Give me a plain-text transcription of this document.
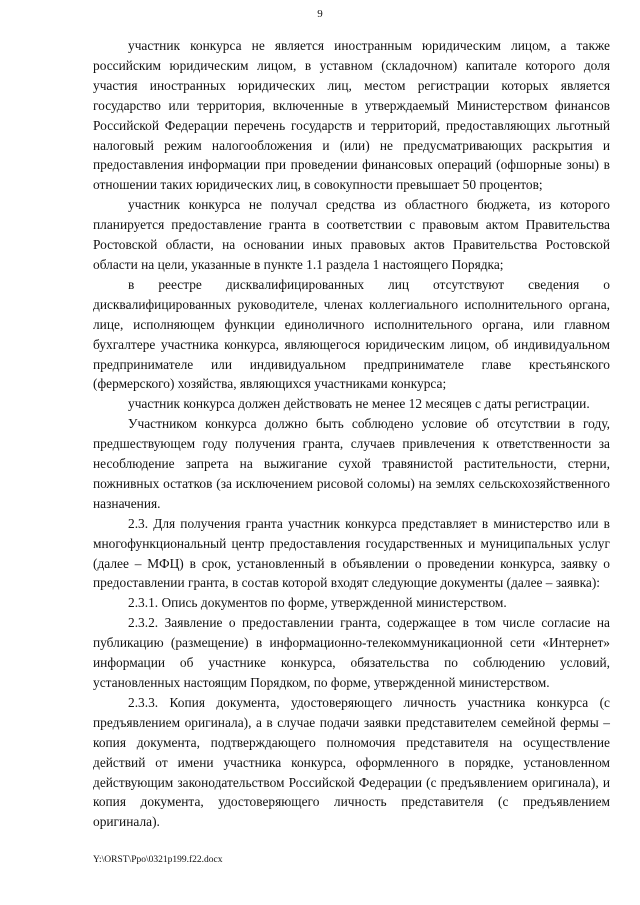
9

участник конкурса не является иностранным юридическим лицом, а также российским юридическим лицом, в уставном (складочном) капитале которого доля участия иностранных юридических лиц, местом регистрации которых является государство или территория, включенные в утверждаемый Министерством финансов Российской Федерации перечень государств и территорий, предоставляющих льготный налоговый режим налогообложения и (или) не предусматривающих раскрытия и предоставления информации при проведении финансовых операций (офшорные зоны) в отношении таких юридических лиц, в совокупности превышает 50 процентов;

участник конкурса не получал средства из областного бюджета, из которого планируется предоставление гранта в соответствии с правовым актом Правительства Ростовской области, на основании иных правовых актов Правительства Ростовской области на цели, указанные в пункте 1.1 раздела 1 настоящего Порядка;

в реестре дисквалифицированных лиц отсутствуют сведения о дисквалифицированных руководителе, членах коллегиального исполнительного органа, лице, исполняющем функции единоличного исполнительного органа, или главном бухгалтере участника конкурса, являющегося юридическим лицом, об индивидуальном предпринимателе или индивидуальном предпринимателе главе крестьянского (фермерского) хозяйства, являющихся участниками конкурса;

участник конкурса должен действовать не менее 12 месяцев с даты регистрации.

Участником конкурса должно быть соблюдено условие об отсутствии в году, предшествующем году получения гранта, случаев привлечения к ответственности за несоблюдение запрета на выжигание сухой травянистой растительности, стерни, пожнивных остатков (за исключением рисовой соломы) на землях сельскохозяйственного назначения.

2.3. Для получения гранта участник конкурса представляет в министерство или в многофункциональный центр предоставления государственных и муниципальных услуг (далее – МФЦ) в срок, установленный в объявлении о проведении конкурса, заявку о предоставлении гранта, в состав которой входят следующие документы (далее – заявка):

2.3.1. Опись документов по форме, утвержденной министерством.

2.3.2. Заявление о предоставлении гранта, содержащее в том числе согласие на публикацию (размещение) в информационно-телекоммуникационной сети «Интернет» информации об участнике конкурса, обязательства по соблюдению условий, установленных настоящим Порядком, по форме, утвержденной министерством.

2.3.3. Копия документа, удостоверяющего личность участника конкурса (с предъявлением оригинала), а в случае подачи заявки представителем семейной фермы – копия документа, подтверждающего полномочия представителя на осуществление действий от имени участника конкурса, оформленного в порядке, установленном действующим законодательством Российской Федерации (с предъявлением оригинала), и копия документа, удостоверяющего личность представителя (с предъявлением оригинала).

Y:\ORST\Ppo\0321p199.f22.docx
